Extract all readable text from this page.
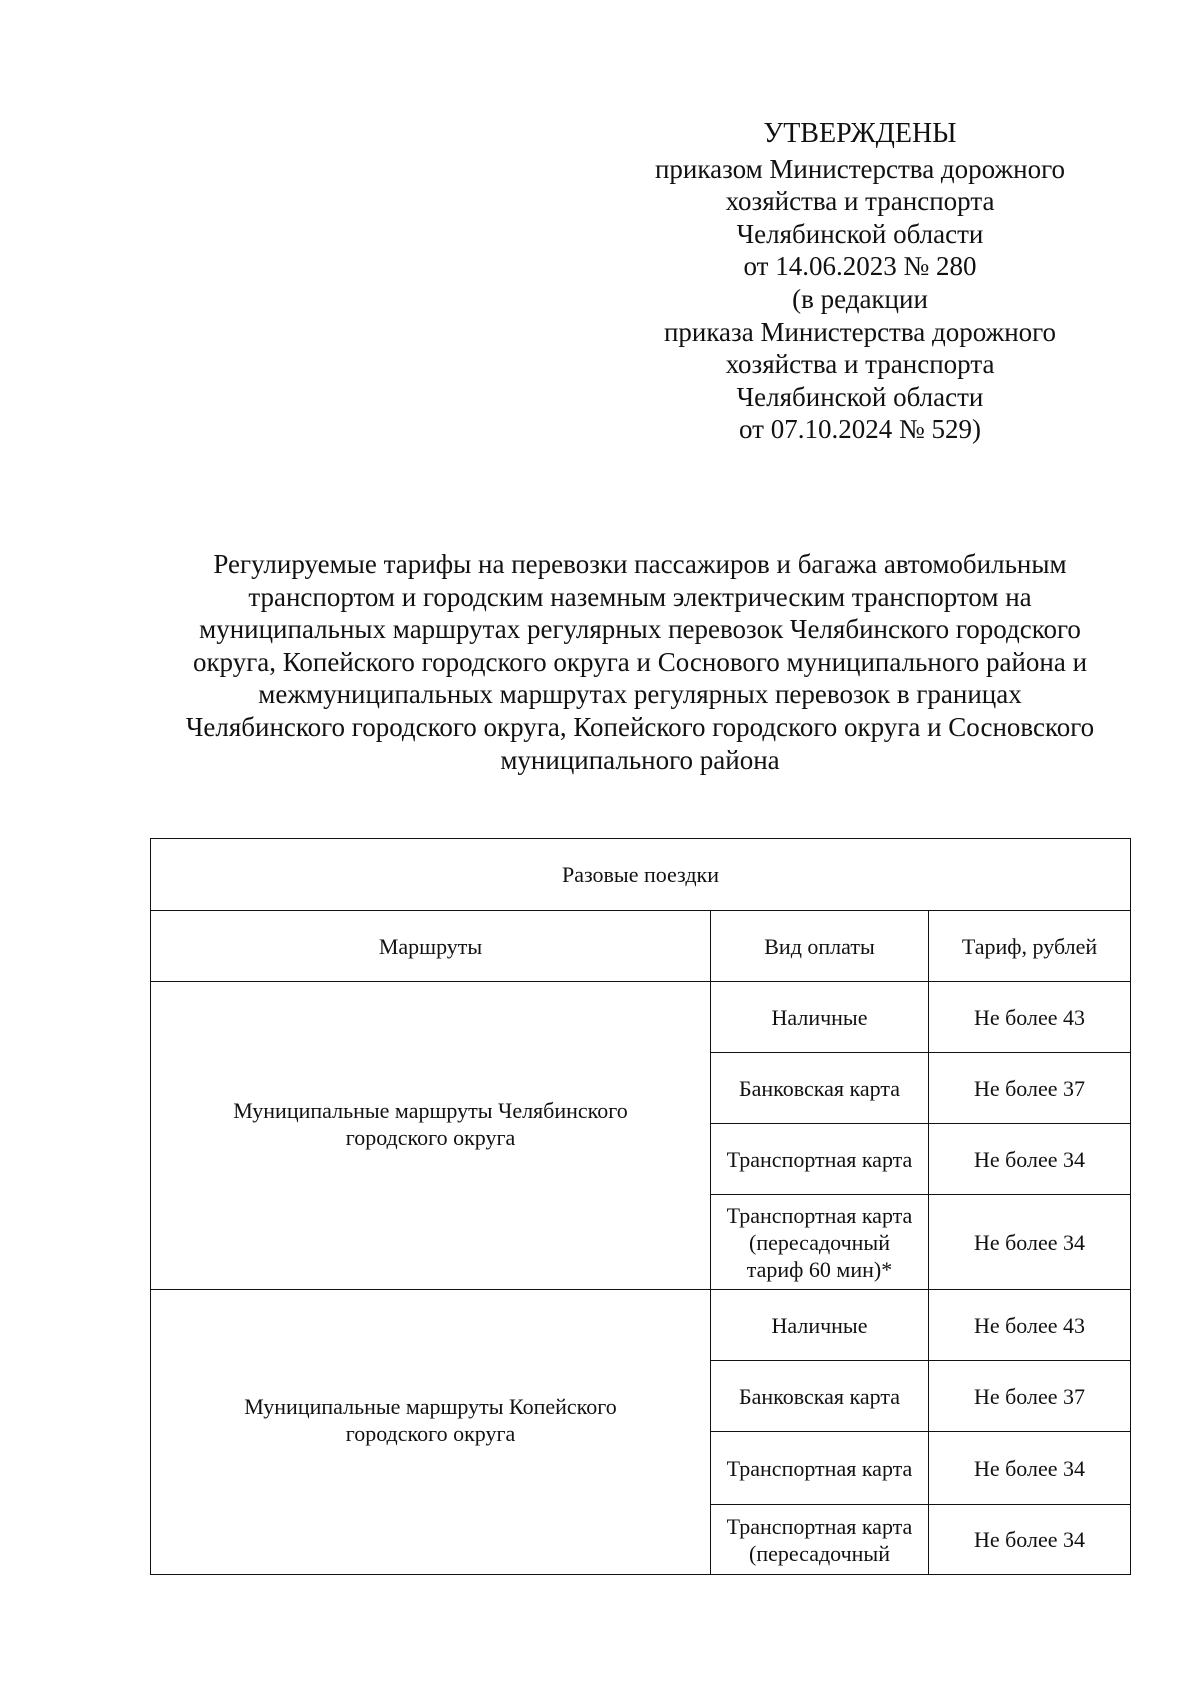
УТВЕРЖДЕНЫ
приказом Министерства дорожного
хозяйства и транспорта
Челябинской области
от 14.06.2023 № 280
(в редакции
приказа Министерства дорожного
хозяйства и транспорта
Челябинской области
от 07.10.2024 № 529)
Регулируемые тарифы на перевозки пассажиров и багажа автомобильным
транспортом и городским наземным электрическим транспортом на
муниципальных маршрутах регулярных перевозок Челябинского городского
округа, Копейского городского округа и Соснового муниципального района и
межмуниципальных маршрутах регулярных перевозок в границах
Челябинского городского округа, Копейского городского округа и Сосновского
муниципального района
Разовые поездки		
Маршруты	Вид оплаты	Тариф, рублей

Муниципальные маршруты Челябинского
городского округа	Наличные	Не более 43
	Банковская карта	Не более 37
	Транспортная карта	Не более 34

	Транспортная карта
(пересадочный
тариф 60 мин)*	Не более 34

Муниципальные маршруты Копейского
городского округа	Наличные	Не более 43
	Банковская карта	Не более 37
	Транспортная карта	Не более 34

	Транспортная карта
(пересадочный	Не более 34
